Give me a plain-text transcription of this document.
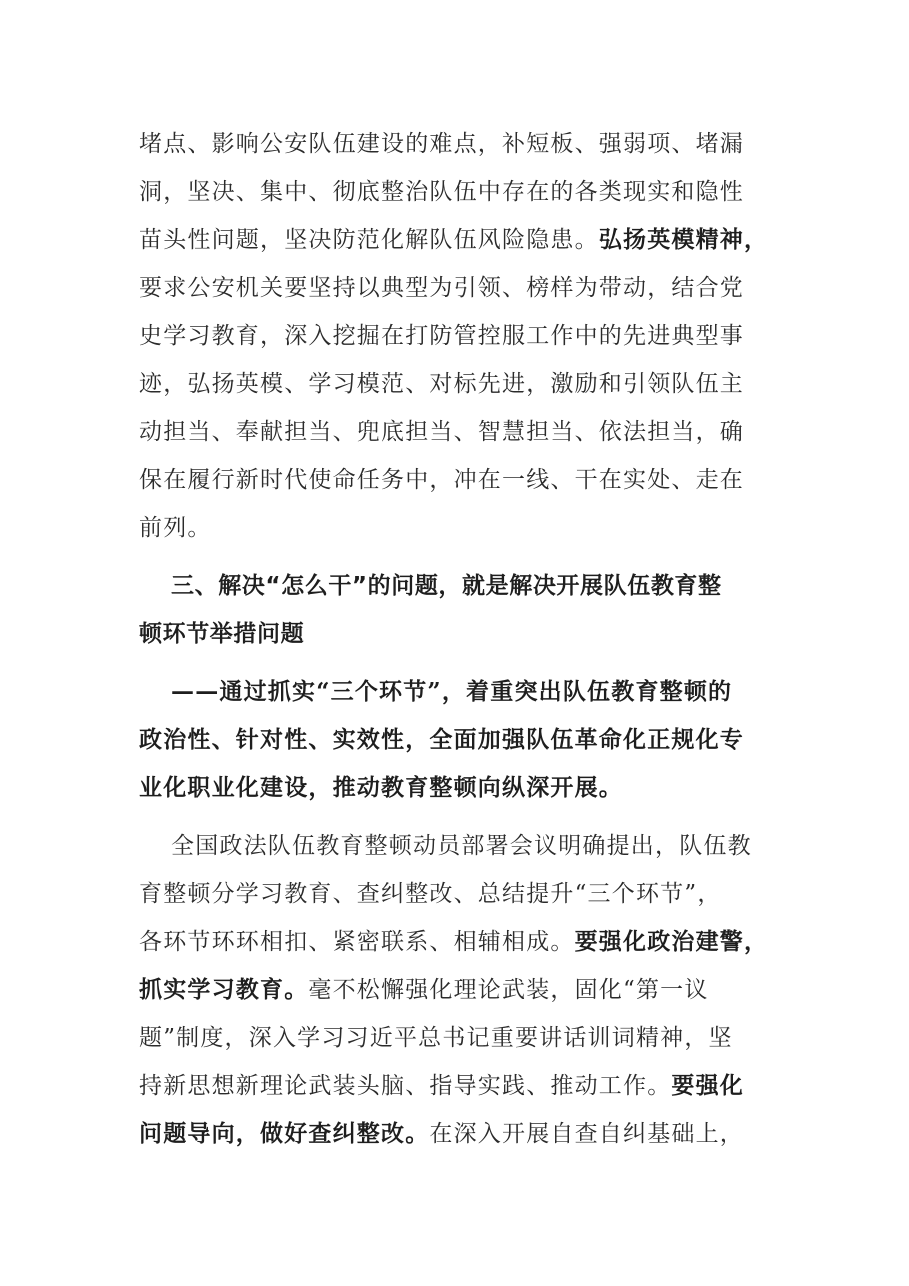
堵点、影响公安队伍建设的难点，补短板、强弱项、堵漏
洞，坚决、集中、彻底整治队伍中存在的各类现实和隐性
苗头性问题，坚决防范化解队伍风险隐患。弘扬英模精神，
要求公安机关要坚持以典型为引领、榜样为带动，结合党
史学习教育，深入挖掘在打防管控服工作中的先进典型事
迹，弘扬英模、学习模范、对标先进，激励和引领队伍主
动担当、奉献担当、兜底担当、智慧担当、依法担当，确
保在履行新时代使命任务中，冲在一线、干在实处、走在
前列。
三、解决“怎么干”的问题，就是解决开展队伍教育整
顿环节举措问题
——通过抓实“三个环节”，着重突出队伍教育整顿的
政治性、针对性、实效性，全面加强队伍革命化正规化专
业化职业化建设，推动教育整顿向纵深开展。
全国政法队伍教育整顿动员部署会议明确提出，队伍教
育整顿分学习教育、查纠整改、总结提升“三个环节”，
各环节环环相扣、紧密联系、相辅相成。要强化政治建警，
抓实学习教育。毫不松懈强化理论武装，固化“第一议
题”制度，深入学习习近平总书记重要讲话训词精神，坚
持新思想新理论武装头脑、指导实践、推动工作。要强化
问题导向，做好查纠整改。在深入开展自查自纠基础上，
